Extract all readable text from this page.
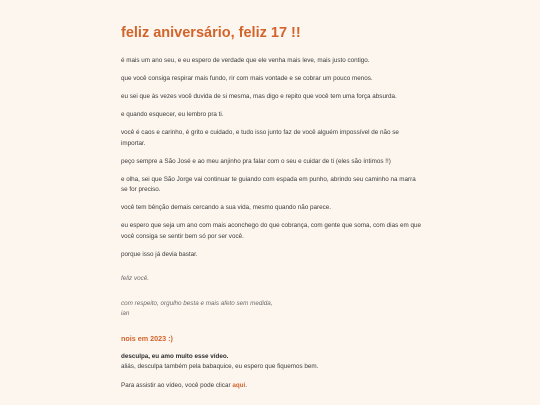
feliz aniversário, feliz 17 !!

é mais um ano seu, e eu espero de verdade que ele venha mais leve, mais justo contigo.

que você consiga respirar mais fundo, rir com mais vontade e se cobrar um pouco menos.

eu sei que às vezes você duvida de si mesma, mas digo e repito que você tem uma força absurda.

e quando esquecer, eu lembro pra ti.

você é caos e carinho, é grito e cuidado, e tudo isso junto faz de você alguém impossível de não se importar.

peço sempre a São José e ao meu anjinho pra falar com o seu e cuidar de ti (eles são íntimos !!)

e olha, sei que São Jorge vai continuar te guiando com espada em punho, abrindo seu caminho na marra se for preciso.

você tem bênção demais cercando a sua vida, mesmo quando não parece.

eu espero que seja um ano com mais aconchego do que cobrança, com gente que soma, com dias em que você consiga se sentir bem só por ser você.

porque isso já devia bastar.

feliz você.

com respeito, orgulho besta e mais afeto sem medida,
ian

nois em 2023 :)

desculpa, eu amo muito esse vídeo.
aliás, desculpa também pela babaquice, eu espero que fiquemos bem.

Para assistir ao vídeo, você pode clicar aqui.
